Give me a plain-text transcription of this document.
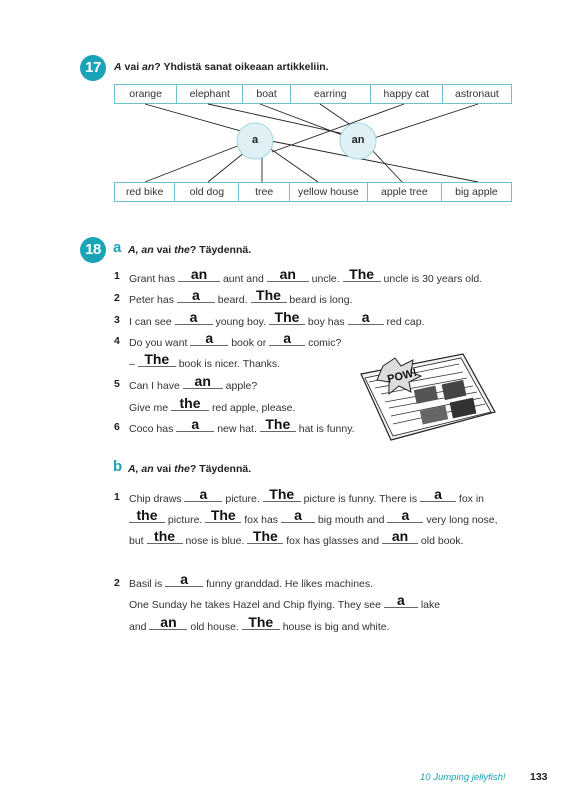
17	A vai an? Yhdistä sanat oikeaan artikkeliin.
orange	elephant	boat	earring	happy cat	astronaut
a	an
red bike	old dog	tree	yellow house	apple tree	big apple
18 a A, an vai the? Täydennä.
1 Grant has	an	aunt and	an	uncle. The uncle is 30 years old.
2 Peter has	a	beard. The beard is long.
3 I can see	a	young boy. The boy has	a	red cap.
4 Do you want	a	book or	a	comic?
– The book is nicer. Thanks.
5 Can I have	an	apple?
Give me the	red apple, please.
6 Coco has	a	new hat. The hat is funny.
POW!
b A, an vai the? Täydennä.
1 Chip draws	a	picture. The picture is funny. There is	a	fox in
the picture. The fox has	a	big mouth and	a	very long nose,
but the nose is blue. The fox has glasses and an	old book.
2 Basil is	a	funny granddad. He likes machines.
One Sunday he takes Hazel and Chip flying. They see	a	lake
and an	old house. The house is big and white.
10 Jumping jellyfish! 133
